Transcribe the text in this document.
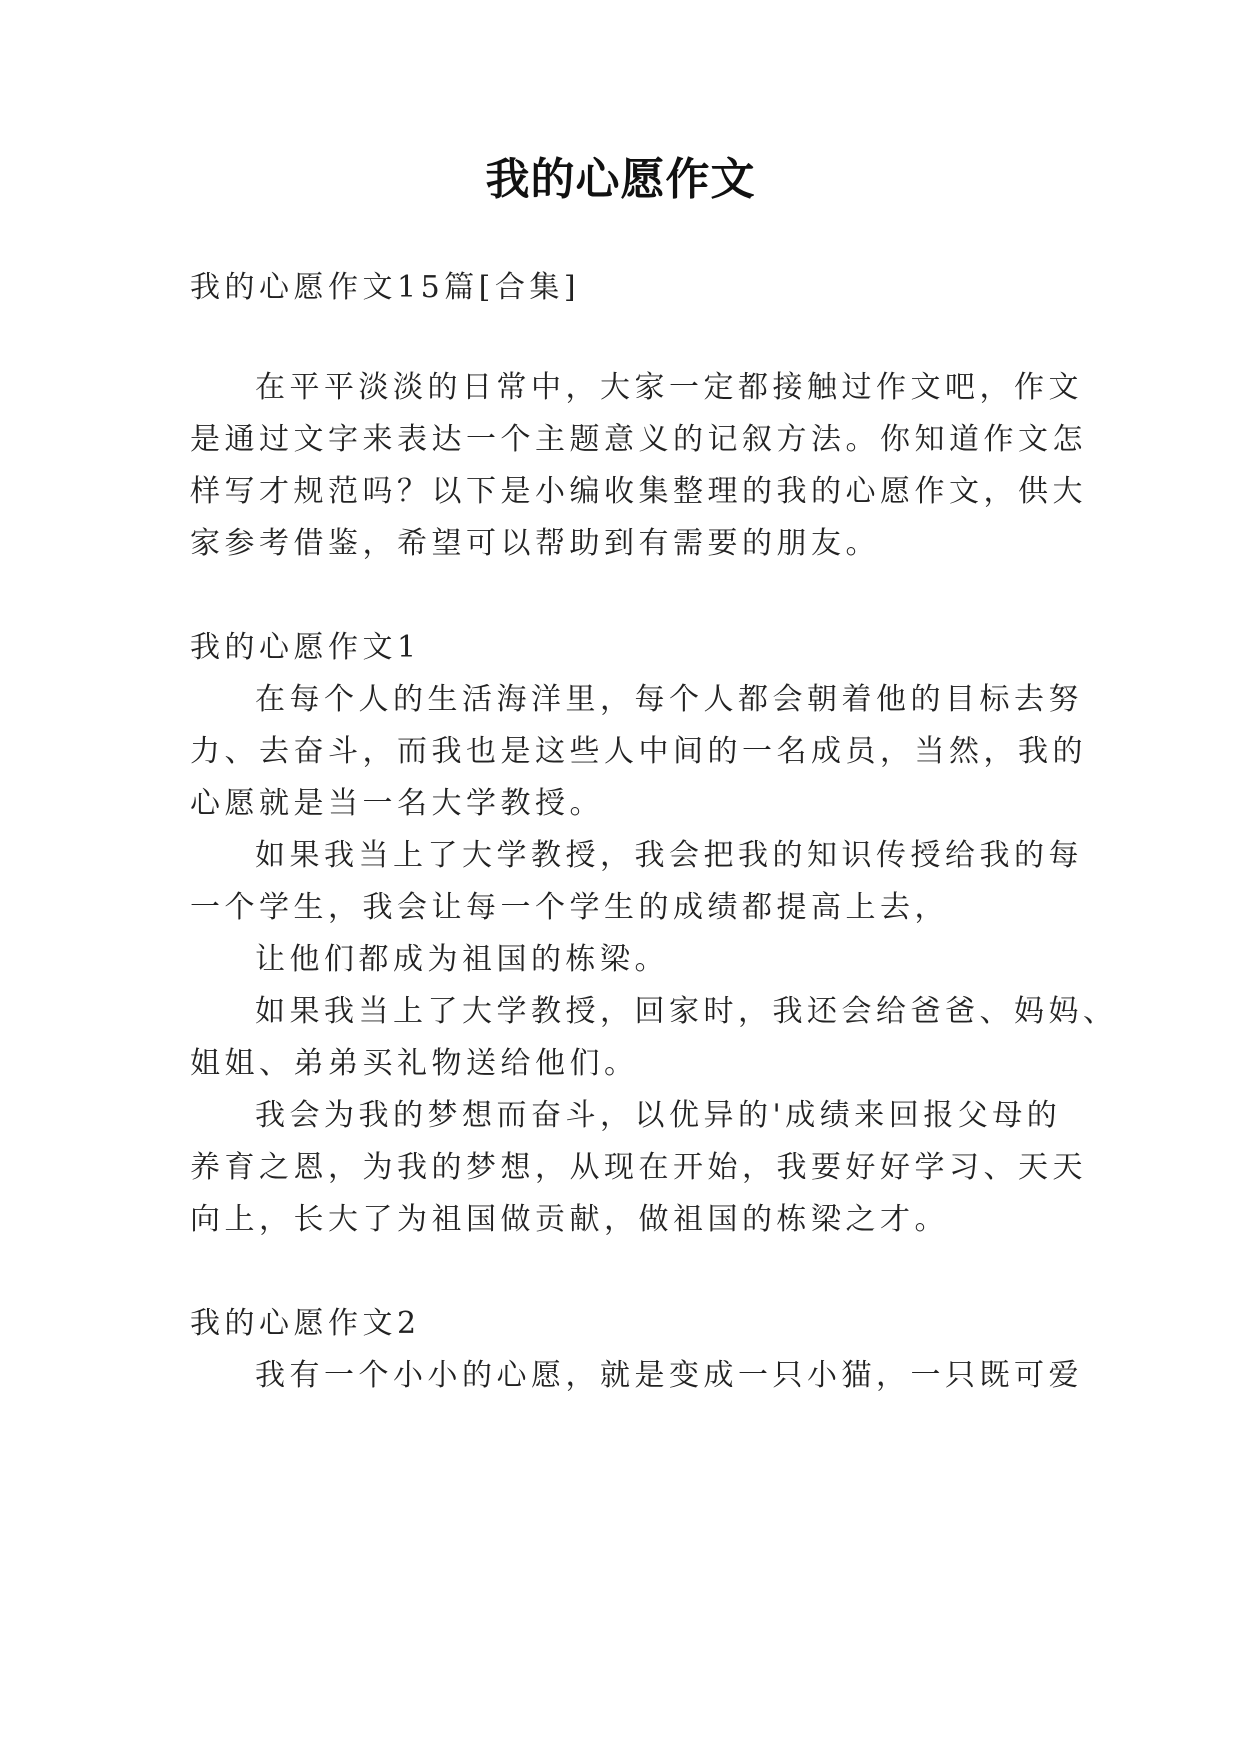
我的心愿作文
我的心愿作文15篇[合集]
在平平淡淡的日常中，大家一定都接触过作文吧，作文
是通过文字来表达一个主题意义的记叙方法。你知道作文怎
样写才规范吗？以下是小编收集整理的我的心愿作文，供大
家参考借鉴，希望可以帮助到有需要的朋友。
我的心愿作文1
在每个人的生活海洋里，每个人都会朝着他的目标去努
力、去奋斗，而我也是这些人中间的一名成员，当然，我的
心愿就是当一名大学教授。
如果我当上了大学教授，我会把我的知识传授给我的每
一个学生，我会让每一个学生的成绩都提高上去，
让他们都成为祖国的栋梁。
如果我当上了大学教授，回家时，我还会给爸爸、妈妈、
姐姐、弟弟买礼物送给他们。
我会为我的梦想而奋斗，以优异的'成绩来回报父母的
养育之恩，为我的梦想，从现在开始，我要好好学习、天天
向上，长大了为祖国做贡献，做祖国的栋梁之才。
我的心愿作文2
我有一个小小的心愿，就是变成一只小猫，一只既可爱
